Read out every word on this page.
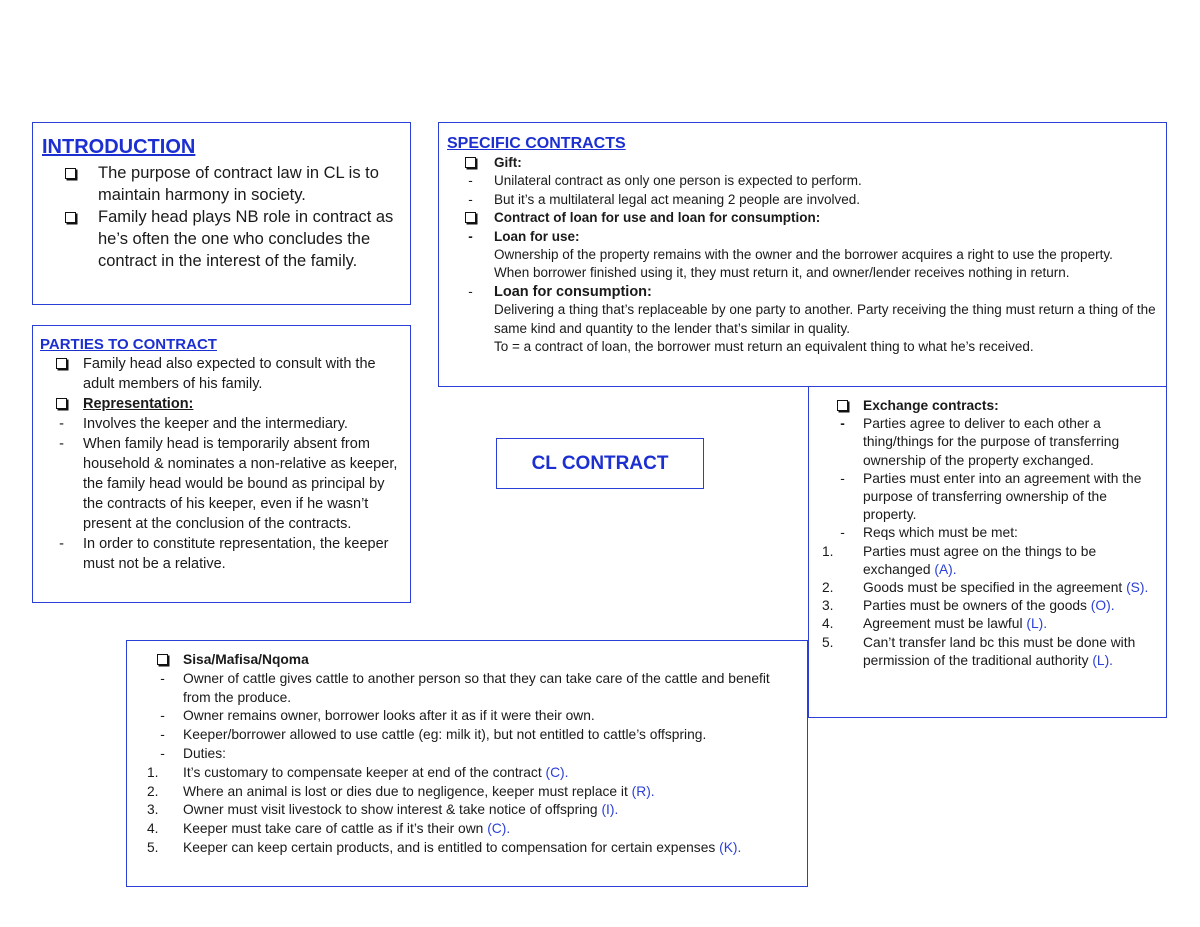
INTRODUCTION
The purpose of contract law in CL is to maintain harmony in society.
Family head plays NB role in contract as he’s often the one who concludes the contract in the interest of the family.
PARTIES TO CONTRACT
Family head also expected to consult with the adult members of his family.
Representation:
-	Involves the keeper and the intermediary.
-	When family head is temporarily absent from household & nominates a non-relative as keeper, the family head would be bound as principal by the contracts of his keeper, even if he wasn’t present at the conclusion of the contracts.
-	In order to constitute representation, the keeper must not be a relative.
SPECIFIC CONTRACTS
Gift:
-	Unilateral contract as only one person is expected to perform.
-	But it’s a multilateral legal act meaning 2 people are involved.
Contract of loan for use and loan for consumption:
-	Loan for use:
Ownership of the property remains with the owner and the borrower acquires a right to use the property.
When borrower finished using it, they must return it, and owner/lender receives nothing in return.
-	Loan for consumption:
Delivering a thing that’s replaceable by one party to another. Party receiving the thing must return a thing of the same kind and quantity to the lender that’s similar in quality.
To = a contract of loan, the borrower must return an equivalent thing to what he’s received.
CL CONTRACT
Exchange contracts:
-	Parties agree to deliver to each other a thing/things for the purpose of transferring ownership of the property exchanged.
-	Parties must enter into an agreement with the purpose of transferring ownership of the property.
-	Reqs which must be met:
1.	Parties must agree on the things to be exchanged (A).
2.	Goods must be specified in the agreement (S).
3.	Parties must be owners of the goods (O).
4.	Agreement must be lawful (L).
5.	Can’t transfer land bc this must be done with permission of the traditional authority (L).
Sisa/Mafisa/Nqoma
-	Owner of cattle gives cattle to another person so that they can take care of the cattle and benefit from the produce.
-	Owner remains owner, borrower looks after it as if it were their own.
-	Keeper/borrower allowed to use cattle (eg: milk it), but not entitled to cattle’s offspring.
-	Duties:
1.	It’s customary to compensate keeper at end of the contract (C).
2.	Where an animal is lost or dies due to negligence, keeper must replace it (R).
3.	Owner must visit livestock to show interest & take notice of offspring (I).
4.	Keeper must take care of cattle as if it’s their own (C).
5.	Keeper can keep certain products, and is entitled to compensation for certain expenses (K).
